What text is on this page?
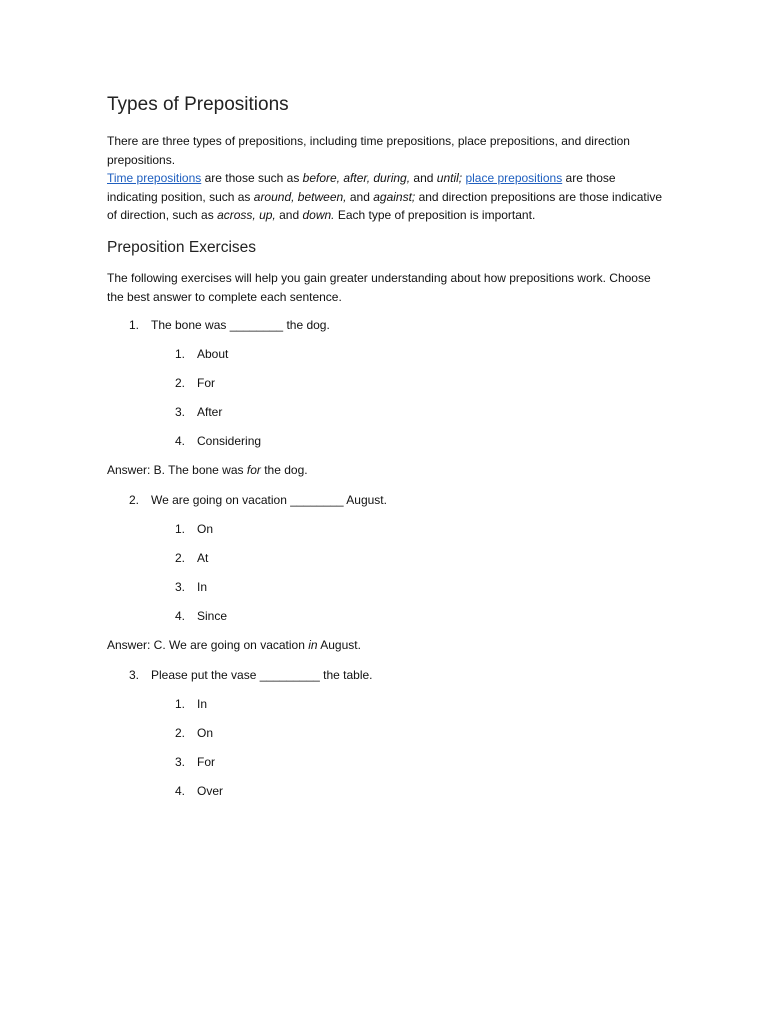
Types of Prepositions

There are three types of prepositions, including time prepositions, place prepositions, and direction prepositions.
Time prepositions are those such as before, after, during, and until; place prepositions are those indicating position, such as around, between, and against; and direction prepositions are those indicative of direction, such as across, up, and down. Each type of preposition is important.

Preposition Exercises

The following exercises will help you gain greater understanding about how prepositions work. Choose the best answer to complete each sentence.

1. The bone was ________ the dog.
1. About
2. For
3. After
4. Considering
Answer: B. The bone was for the dog.
2. We are going on vacation ________ August.
1. On
2. At
3. In
4. Since
Answer: C. We are going on vacation in August.
3. Please put the vase _________ the table.
1. In
2. On
3. For
4. Over
